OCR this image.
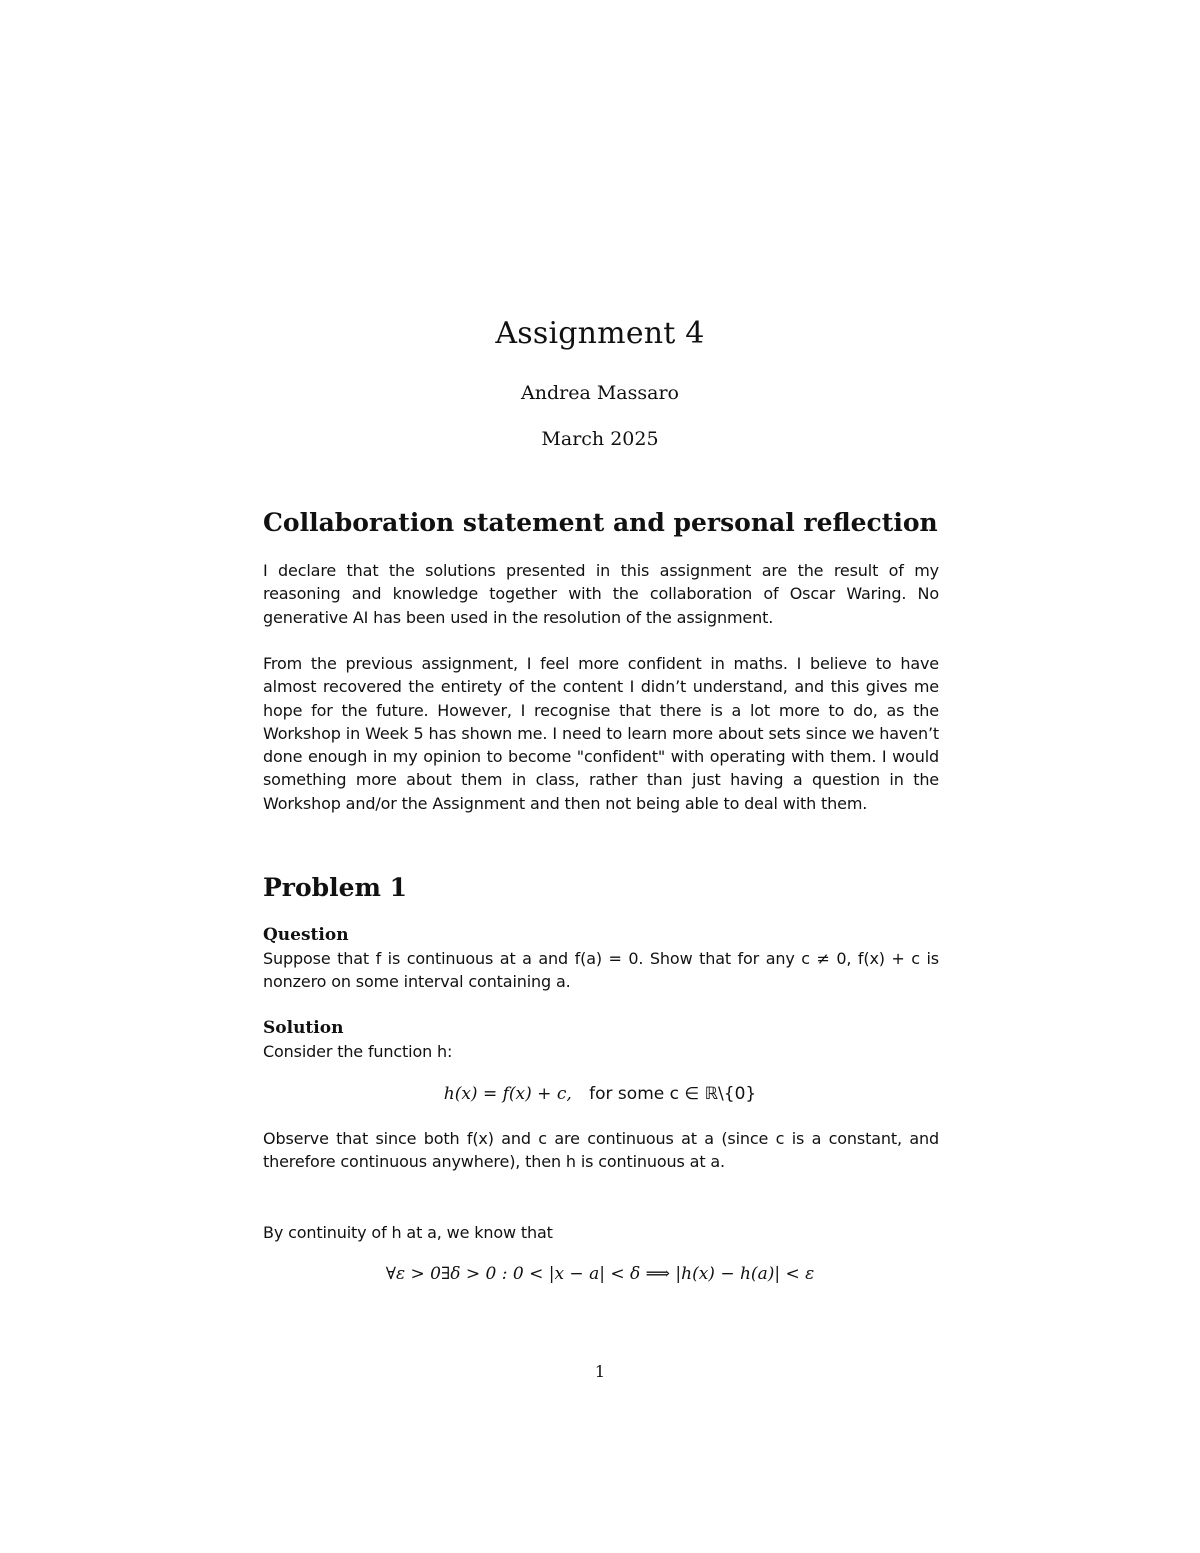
Assignment 4
Andrea Massaro
March 2025
Collaboration statement and personal reflection

I declare that the solutions presented in this assignment are the result of my reasoning and knowledge together with the collaboration of Oscar Waring. No generative AI has been used in the resolution of the assignment.

From the previous assignment, I feel more confident in maths. I believe to have almost recovered the entirety of the content I didn’t understand, and this gives me hope for the future. However, I recognise that there is a lot more to do, as the Workshop in Week 5 has shown me. I need to learn more about sets since we haven’t done enough in my opinion to become "confident" with operating with them. I would something more about them in class, rather than just having a question in the Workshop and/or the Assignment and then not being able to deal with them.

Problem 1
Question

Suppose that f is continuous at a and f(a) = 0. Show that for any c ≠ 0, f(x) + c is nonzero on some interval containing a.

Solution

Consider the function h:

h(x) = f(x) + c, for some c ∈ ℝ\{0}

Observe that since both f(x) and c are continuous at a (since c is a constant, and therefore continuous anywhere), then h is continuous at a.

By continuity of h at a, we know that

∀ε > 0∃δ > 0 : 0 < |x − a| < δ ⟹ |h(x) − h(a)| < ε
1
